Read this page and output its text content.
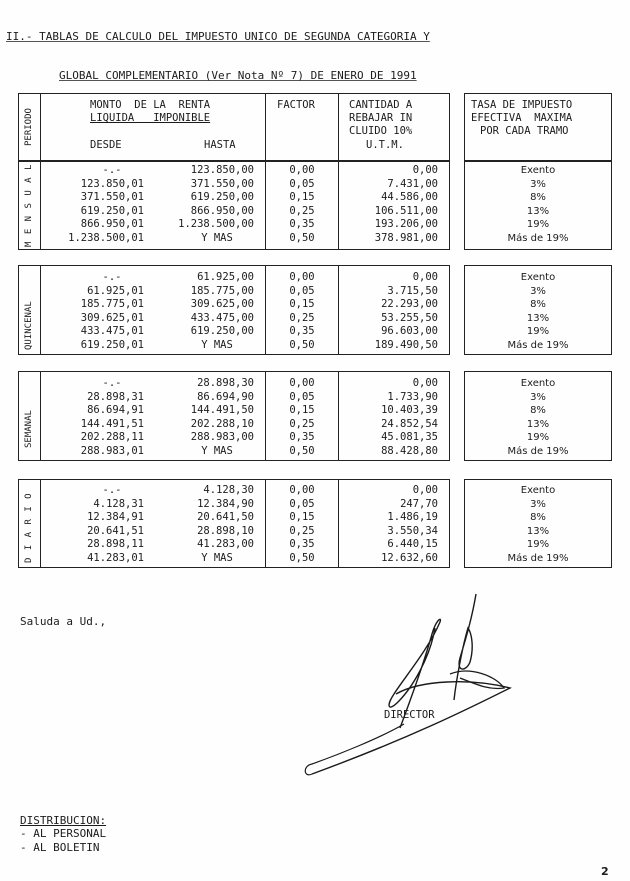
II.- TABLAS DE CALCULO DEL IMPUESTO UNICO DE SEGUNDA CATEGORIA Y

GLOBAL COMPLEMENTARIO (Ver Nota Nº 7) DE ENERO DE 1991

PERIODO
MONTO  DE LA  RENTA
LIQUIDA   IMPONIBLE
DESDE	HASTA
FACTOR	CANTIDAD A
REBAJAR IN
CLUIDO 10%
U.T.M.
TASA DE IMPUESTO
EFECTIVA  MAXIMA
POR CADA TRAMO
M E N S U A L
QUINCENAL
SEMANAL
D I A R I O
-.-	123.850,00	0,00	0,00	Exento
123.850,01	371.550,00	0,05	7.431,00	3%
371.550,01	619.250,00	0,15	44.586,00	8%
619.250,01	866.950,00	0,25	106.511,00	13%
866.950,01	1.238.500,00	0,35	193.206,00	19%
1.238.500,01	Y MAS	0,50	378.981,00	Más de 19%
-.-	61.925,00	0,00	0,00	Exento
61.925,01	185.775,00	0,05	3.715,50	3%
185.775,01	309.625,00	0,15	22.293,00	8%
309.625,01	433.475,00	0,25	53.255,50	13%
433.475,01	619.250,00	0,35	96.603,00	19%
619.250,01	Y MAS	0,50	189.490,50	Más de 19%
-.-	28.898,30	0,00	0,00	Exento
28.898,31	86.694,90	0,05	1.733,90	3%
86.694,91	144.491,50	0,15	10.403,39	8%
144.491,51	202.288,10	0,25	24.852,54	13%
202.288,11	288.983,00	0,35	45.081,35	19%
288.983,01	Y MAS	0,50	88.428,80	Más de 19%
-.-	4.128,30	0,00	0,00	Exento
4.128,31	12.384,90	0,05	247,70	3%
12.384,91	20.641,50	0,15	1.486,19	8%
20.641,51	28.898,10	0,25	3.550,34	13%
28.898,11	41.283,00	0,35	6.440,15	19%
41.283,01	Y MAS	0,50	12.632,60	Más de 19%
Saluda a Ud.,
DIRECTOR
DISTRIBUCION:
- AL PERSONAL
- AL BOLETIN
2
